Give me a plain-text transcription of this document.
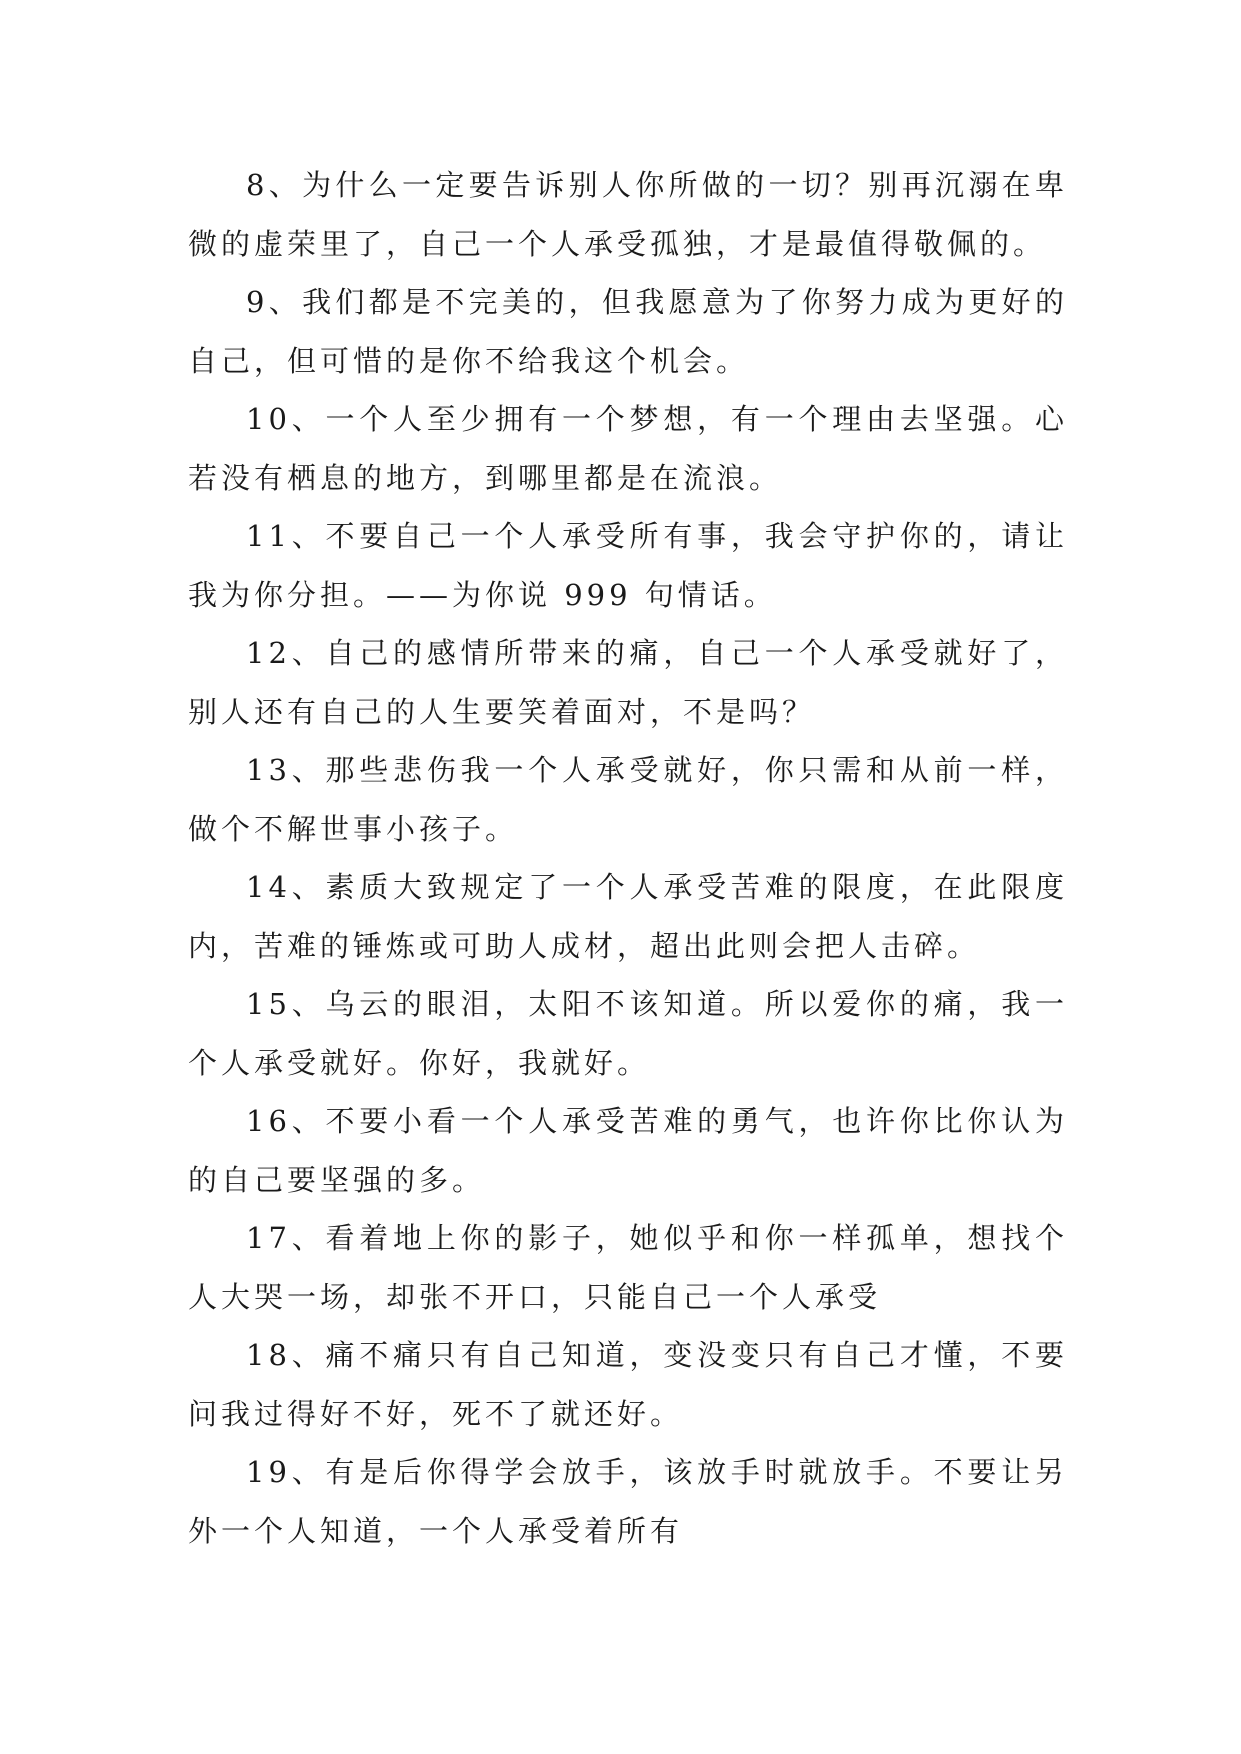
8、为什么一定要告诉别人你所做的一切？别再沉溺在卑微的虚荣里了，自己一个人承受孤独，才是最值得敬佩的。

9、我们都是不完美的，但我愿意为了你努力成为更好的自己，但可惜的是你不给我这个机会。

10、一个人至少拥有一个梦想，有一个理由去坚强。心若没有栖息的地方，到哪里都是在流浪。

11、不要自己一个人承受所有事，我会守护你的，请让我为你分担。——为你说 999 句情话。

12、自己的感情所带来的痛，自己一个人承受就好了，别人还有自己的人生要笑着面对，不是吗？

13、那些悲伤我一个人承受就好，你只需和从前一样，做个不解世事小孩子。

14、素质大致规定了一个人承受苦难的限度，在此限度内，苦难的锤炼或可助人成材，超出此则会把人击碎。

15、乌云的眼泪，太阳不该知道。所以爱你的痛，我一个人承受就好。你好，我就好。

16、不要小看一个人承受苦难的勇气，也许你比你认为的自己要坚强的多。

17、看着地上你的影子，她似乎和你一样孤单，想找个人大哭一场，却张不开口，只能自己一个人承受

18、痛不痛只有自己知道，变没变只有自己才懂，不要问我过得好不好，死不了就还好。

19、有是后你得学会放手，该放手时就放手。不要让另外一个人知道，一个人承受着所有
